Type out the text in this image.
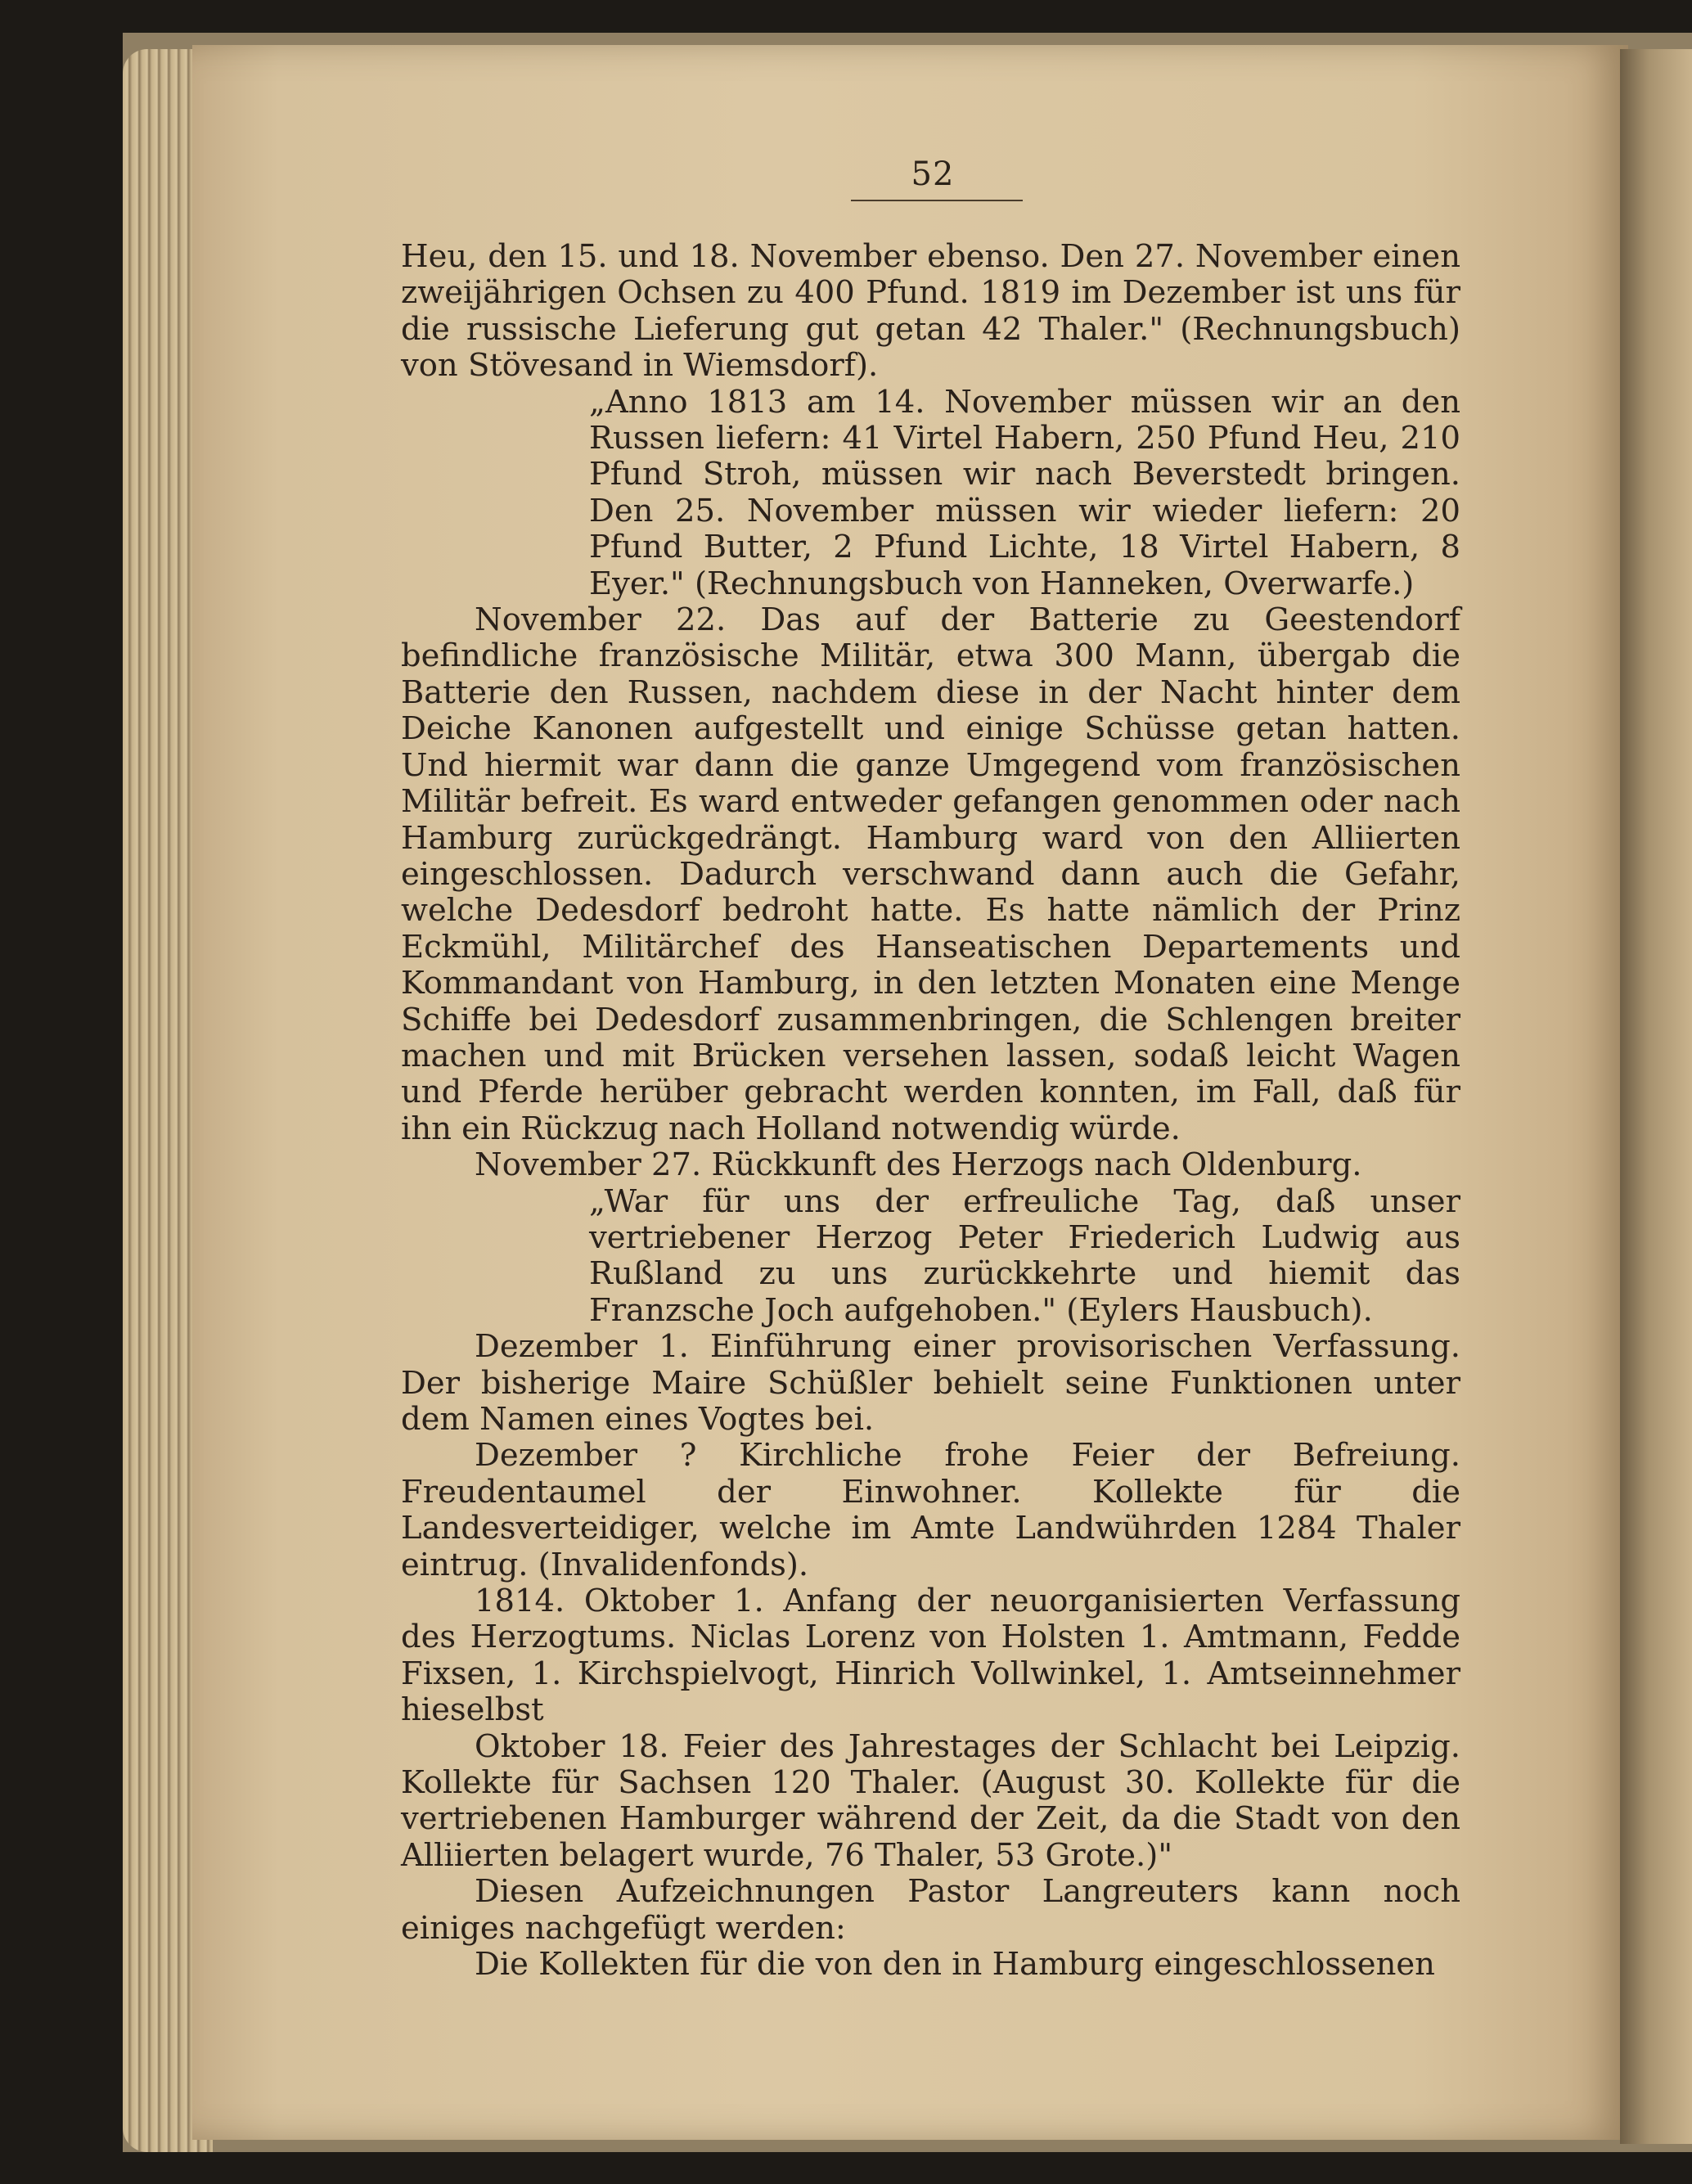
52

Heu, den 15. und 18. November ebenso. Den 27. November einen zweijährigen Ochsen zu 400 Pfund. 1819 im Dezember ist uns für die russische Lieferung gut getan 42 Thaler." (Rechnungsbuch) von Stövesand in Wiemsdorf).

„Anno 1813 am 14. November müssen wir an den Russen liefern: 41 Virtel Habern, 250 Pfund Heu, 210 Pfund Stroh, müssen wir nach Beverstedt bringen. Den 25. November müssen wir wieder liefern: 20 Pfund Butter, 2 Pfund Lichte, 18 Virtel Habern, 8 Eyer." (Rechnungsbuch von Hanneken, Overwarfe.)

November 22. Das auf der Batterie zu Geestendorf befindliche französische Militär, etwa 300 Mann, übergab die Batterie den Russen, nachdem diese in der Nacht hinter dem Deiche Kanonen aufgestellt und einige Schüsse getan hatten. Und hiermit war dann die ganze Umgegend vom französischen Militär befreit. Es ward entweder gefangen genommen oder nach Hamburg zurückgedrängt. Hamburg ward von den Alliierten eingeschlossen. Dadurch verschwand dann auch die Gefahr, welche Dedesdorf bedroht hatte. Es hatte nämlich der Prinz Eckmühl, Militärchef des Hanseatischen Departements und Kommandant von Hamburg, in den letzten Monaten eine Menge Schiffe bei Dedesdorf zusammenbringen, die Schlengen breiter machen und mit Brücken versehen lassen, sodaß leicht Wagen und Pferde herüber gebracht werden konnten, im Fall, daß für ihn ein Rückzug nach Holland notwendig würde.

November 27. Rückkunft des Herzogs nach Oldenburg.

„War für uns der erfreuliche Tag, daß unser vertriebener Herzog Peter Friederich Ludwig aus Rußland zu uns zurückkehrte und hiemit das Franzsche Joch aufgehoben." (Eylers Hausbuch).

Dezember 1. Einführung einer provisorischen Verfassung. Der bisherige Maire Schüßler behielt seine Funktionen unter dem Namen eines Vogtes bei.

Dezember ? Kirchliche frohe Feier der Befreiung. Freudentaumel der Einwohner. Kollekte für die Landesverteidiger, welche im Amte Landwührden 1284 Thaler eintrug. (Invalidenfonds).

1814. Oktober 1. Anfang der neuorganisierten Verfassung des Herzogtums. Niclas Lorenz von Holsten 1. Amtmann, Fedde Fixsen, 1. Kirchspielvogt, Hinrich Vollwinkel, 1. Amtseinnehmer hieselbst

Oktober 18. Feier des Jahrestages der Schlacht bei Leipzig. Kollekte für Sachsen 120 Thaler. (August 30. Kollekte für die vertriebenen Hamburger während der Zeit, da die Stadt von den Alliierten belagert wurde, 76 Thaler, 53 Grote.)"

Diesen Aufzeichnungen Pastor Langreuters kann noch einiges nachgefügt werden:

Die Kollekten für die von den in Hamburg eingeschlossenen
